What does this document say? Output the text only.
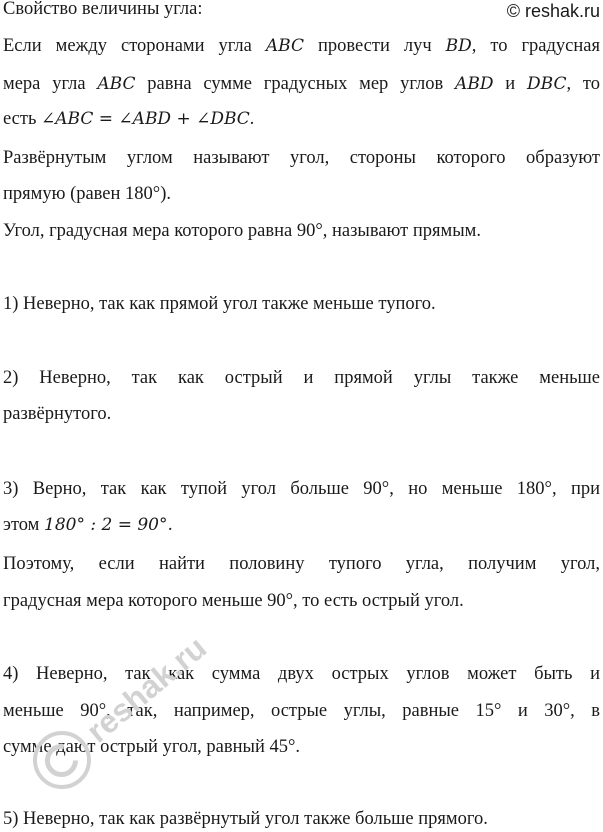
Свойство величины угла:	© reshak.ru
Если между сторонами угла ABC провести луч BD, то градусная
мера угла ABC равна сумме градусных мер углов ABD и DBC, то
есть ∠ABC = ∠ABD + ∠DBC.
Развёрнутым углом называют угол, стороны которого образуют
прямую (равен 180°).
Угол, градусная мера которого равна 90°, называют прямым.
1) Неверно, так как прямой угол также меньше тупого.
2) Неверно, так как острый и прямой углы также меньше
развёрнутого.
3) Верно, так как тупой угол больше 90°, но меньше 180°, при
этом 180° : 2 = 90°.
Поэтому, если найти половину тупого угла, получим угол,
градусная мера которого меньше 90°, то есть острый угол.
4) Неверно, так как сумма двух острых углов может быть и
меньше 90°, так, например, острые углы, равные 15° и 30°, в
сумме дают острый угол, равный 45°.
5) Неверно, так как развёрнутый угол также больше прямого.
reshak.ru
